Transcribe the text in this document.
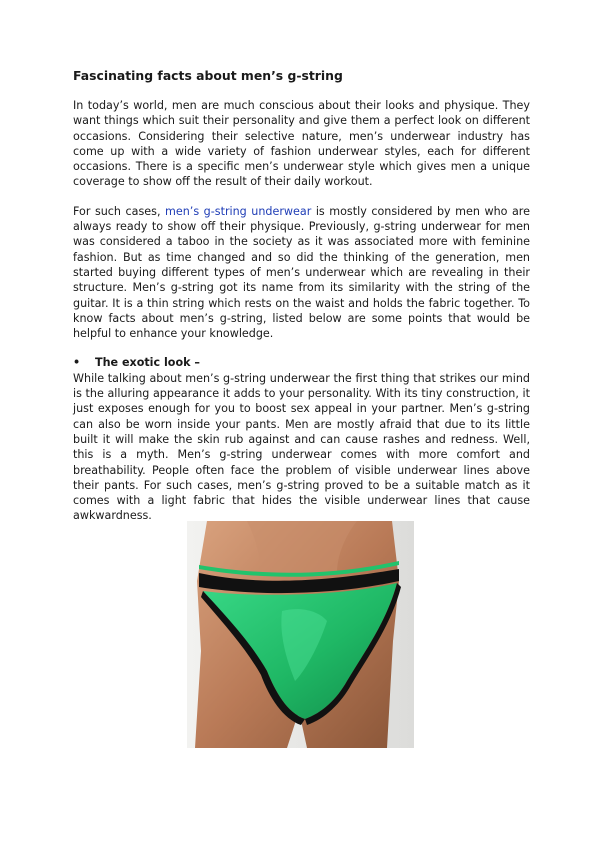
Fascinating facts about men’s g-string

In today’s world, men are much conscious about their looks and physique. They want things which suit their personality and give them a perfect look on different occasions. Considering their selective nature, men’s underwear industry has come up with a wide variety of fashion underwear styles, each for different occasions. There is a specific men’s underwear style which gives men a unique coverage to show off the result of their daily workout.

For such cases, men’s g-string underwear is mostly considered by men who are always ready to show off their physique. Previously, g-string underwear for men was considered a taboo in the society as it was associated more with feminine fashion. But as time changed and so did the thinking of the generation, men started buying different types of men’s underwear which are revealing in their structure. Men’s g-string got its name from its similarity with the string of the guitar. It is a thin string which rests on the waist and holds the fabric together. To know facts about men’s g-string, listed below are some points that would be helpful to enhance your knowledge.

•	The exotic look –

While talking about men’s g-string underwear the first thing that strikes our mind is the alluring appearance it adds to your personality. With its tiny construction, it just exposes enough for you to boost sex appeal in your partner. Men’s g-string can also be worn inside your pants. Men are mostly afraid that due to its little built it will make the skin rub against and can cause rashes and redness. Well, this is a myth. Men’s g-string underwear comes with more comfort and breathability. People often face the problem of visible underwear lines above their pants. For such cases, men’s g-string proved to be a suitable match as it comes with a light fabric that hides the visible underwear lines that cause awkwardness.
